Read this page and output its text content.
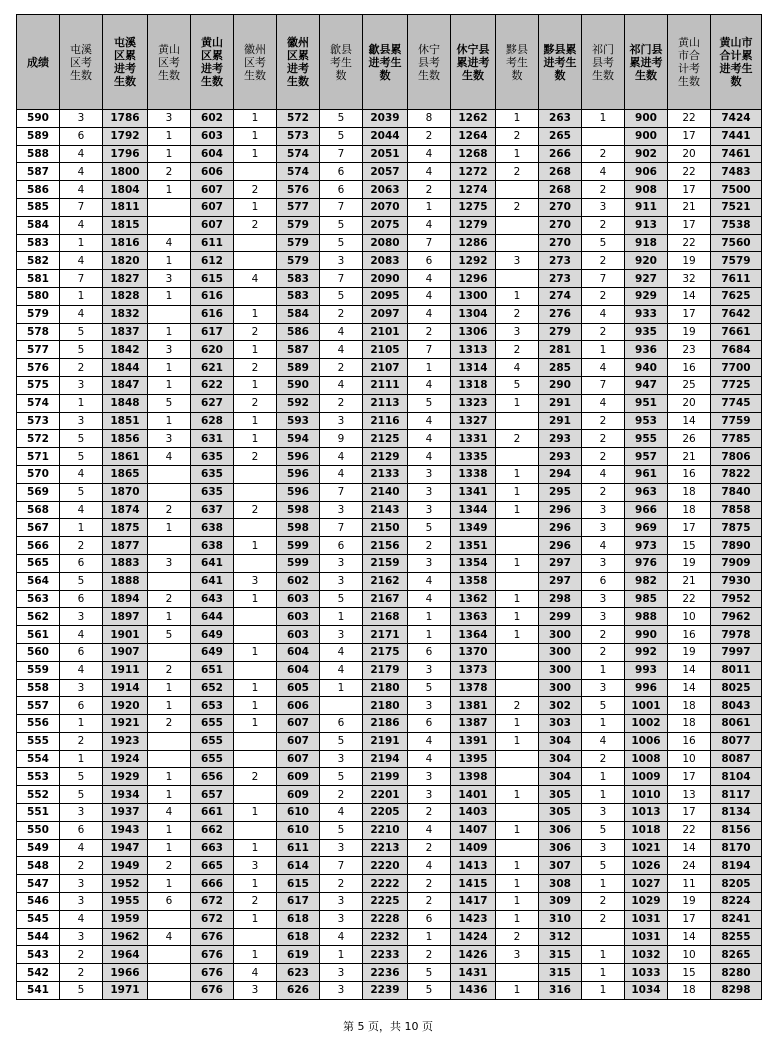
成绩	屯溪区考生数	屯溪区累进考生数	黄山区考生数	黄山区累进考生数	徽州区考生数	徽州区累进考生数	歙县考生数	歙县累进考生数	休宁县考生数	休宁县累进考生数	黟县考生数	黟县累进考生数	祁门县考生数	祁门县累进考生数	黄山市合计考生数	黄山市合计累进考生数
590	3	1786	3	602	1	572	5	2039	8	1262	1	263	1	900	22	7424
589	6	1792	1	603	1	573	5	2044	2	1264	2	265		900	17	7441
588	4	1796	1	604	1	574	7	2051	4	1268	1	266	2	902	20	7461
587	4	1800	2	606		574	6	2057	4	1272	2	268	4	906	22	7483
586	4	1804	1	607	2	576	6	2063	2	1274		268	2	908	17	7500
585	7	1811		607	1	577	7	2070	1	1275	2	270	3	911	21	7521
584	4	1815		607	2	579	5	2075	4	1279		270	2	913	17	7538
583	1	1816	4	611		579	5	2080	7	1286		270	5	918	22	7560
582	4	1820	1	612		579	3	2083	6	1292	3	273	2	920	19	7579
581	7	1827	3	615	4	583	7	2090	4	1296		273	7	927	32	7611
580	1	1828	1	616		583	5	2095	4	1300	1	274	2	929	14	7625
579	4	1832		616	1	584	2	2097	4	1304	2	276	4	933	17	7642
578	5	1837	1	617	2	586	4	2101	2	1306	3	279	2	935	19	7661
577	5	1842	3	620	1	587	4	2105	7	1313	2	281	1	936	23	7684
576	2	1844	1	621	2	589	2	2107	1	1314	4	285	4	940	16	7700
575	3	1847	1	622	1	590	4	2111	4	1318	5	290	7	947	25	7725
574	1	1848	5	627	2	592	2	2113	5	1323	1	291	4	951	20	7745
573	3	1851	1	628	1	593	3	2116	4	1327		291	2	953	14	7759
572	5	1856	3	631	1	594	9	2125	4	1331	2	293	2	955	26	7785
571	5	1861	4	635	2	596	4	2129	4	1335		293	2	957	21	7806
570	4	1865		635		596	4	2133	3	1338	1	294	4	961	16	7822
569	5	1870		635		596	7	2140	3	1341	1	295	2	963	18	7840
568	4	1874	2	637	2	598	3	2143	3	1344	1	296	3	966	18	7858
567	1	1875	1	638		598	7	2150	5	1349		296	3	969	17	7875
566	2	1877		638	1	599	6	2156	2	1351		296	4	973	15	7890
565	6	1883	3	641		599	3	2159	3	1354	1	297	3	976	19	7909
564	5	1888		641	3	602	3	2162	4	1358		297	6	982	21	7930
563	6	1894	2	643	1	603	5	2167	4	1362	1	298	3	985	22	7952
562	3	1897	1	644		603	1	2168	1	1363	1	299	3	988	10	7962
561	4	1901	5	649		603	3	2171	1	1364	1	300	2	990	16	7978
560	6	1907		649	1	604	4	2175	6	1370		300	2	992	19	7997
559	4	1911	2	651		604	4	2179	3	1373		300	1	993	14	8011
558	3	1914	1	652	1	605	1	2180	5	1378		300	3	996	14	8025
557	6	1920	1	653	1	606		2180	3	1381	2	302	5	1001	18	8043
556	1	1921	2	655	1	607	6	2186	6	1387	1	303	1	1002	18	8061
555	2	1923		655		607	5	2191	4	1391	1	304	4	1006	16	8077
554	1	1924		655		607	3	2194	4	1395		304	2	1008	10	8087
553	5	1929	1	656	2	609	5	2199	3	1398		304	1	1009	17	8104
552	5	1934	1	657		609	2	2201	3	1401	1	305	1	1010	13	8117
551	3	1937	4	661	1	610	4	2205	2	1403		305	3	1013	17	8134
550	6	1943	1	662		610	5	2210	4	1407	1	306	5	1018	22	8156
549	4	1947	1	663	1	611	3	2213	2	1409		306	3	1021	14	8170
548	2	1949	2	665	3	614	7	2220	4	1413	1	307	5	1026	24	8194
547	3	1952	1	666	1	615	2	2222	2	1415	1	308	1	1027	11	8205
546	3	1955	6	672	2	617	3	2225	2	1417	1	309	2	1029	19	8224
545	4	1959		672	1	618	3	2228	6	1423	1	310	2	1031	17	8241
544	3	1962	4	676		618	4	2232	1	1424	2	312		1031	14	8255
543	2	1964		676	1	619	1	2233	2	1426	3	315	1	1032	10	8265
542	2	1966		676	4	623	3	2236	5	1431		315	1	1033	15	8280
541	5	1971		676	3	626	3	2239	5	1436	1	316	1	1034	18	8298
第 5 页，共 10 页
